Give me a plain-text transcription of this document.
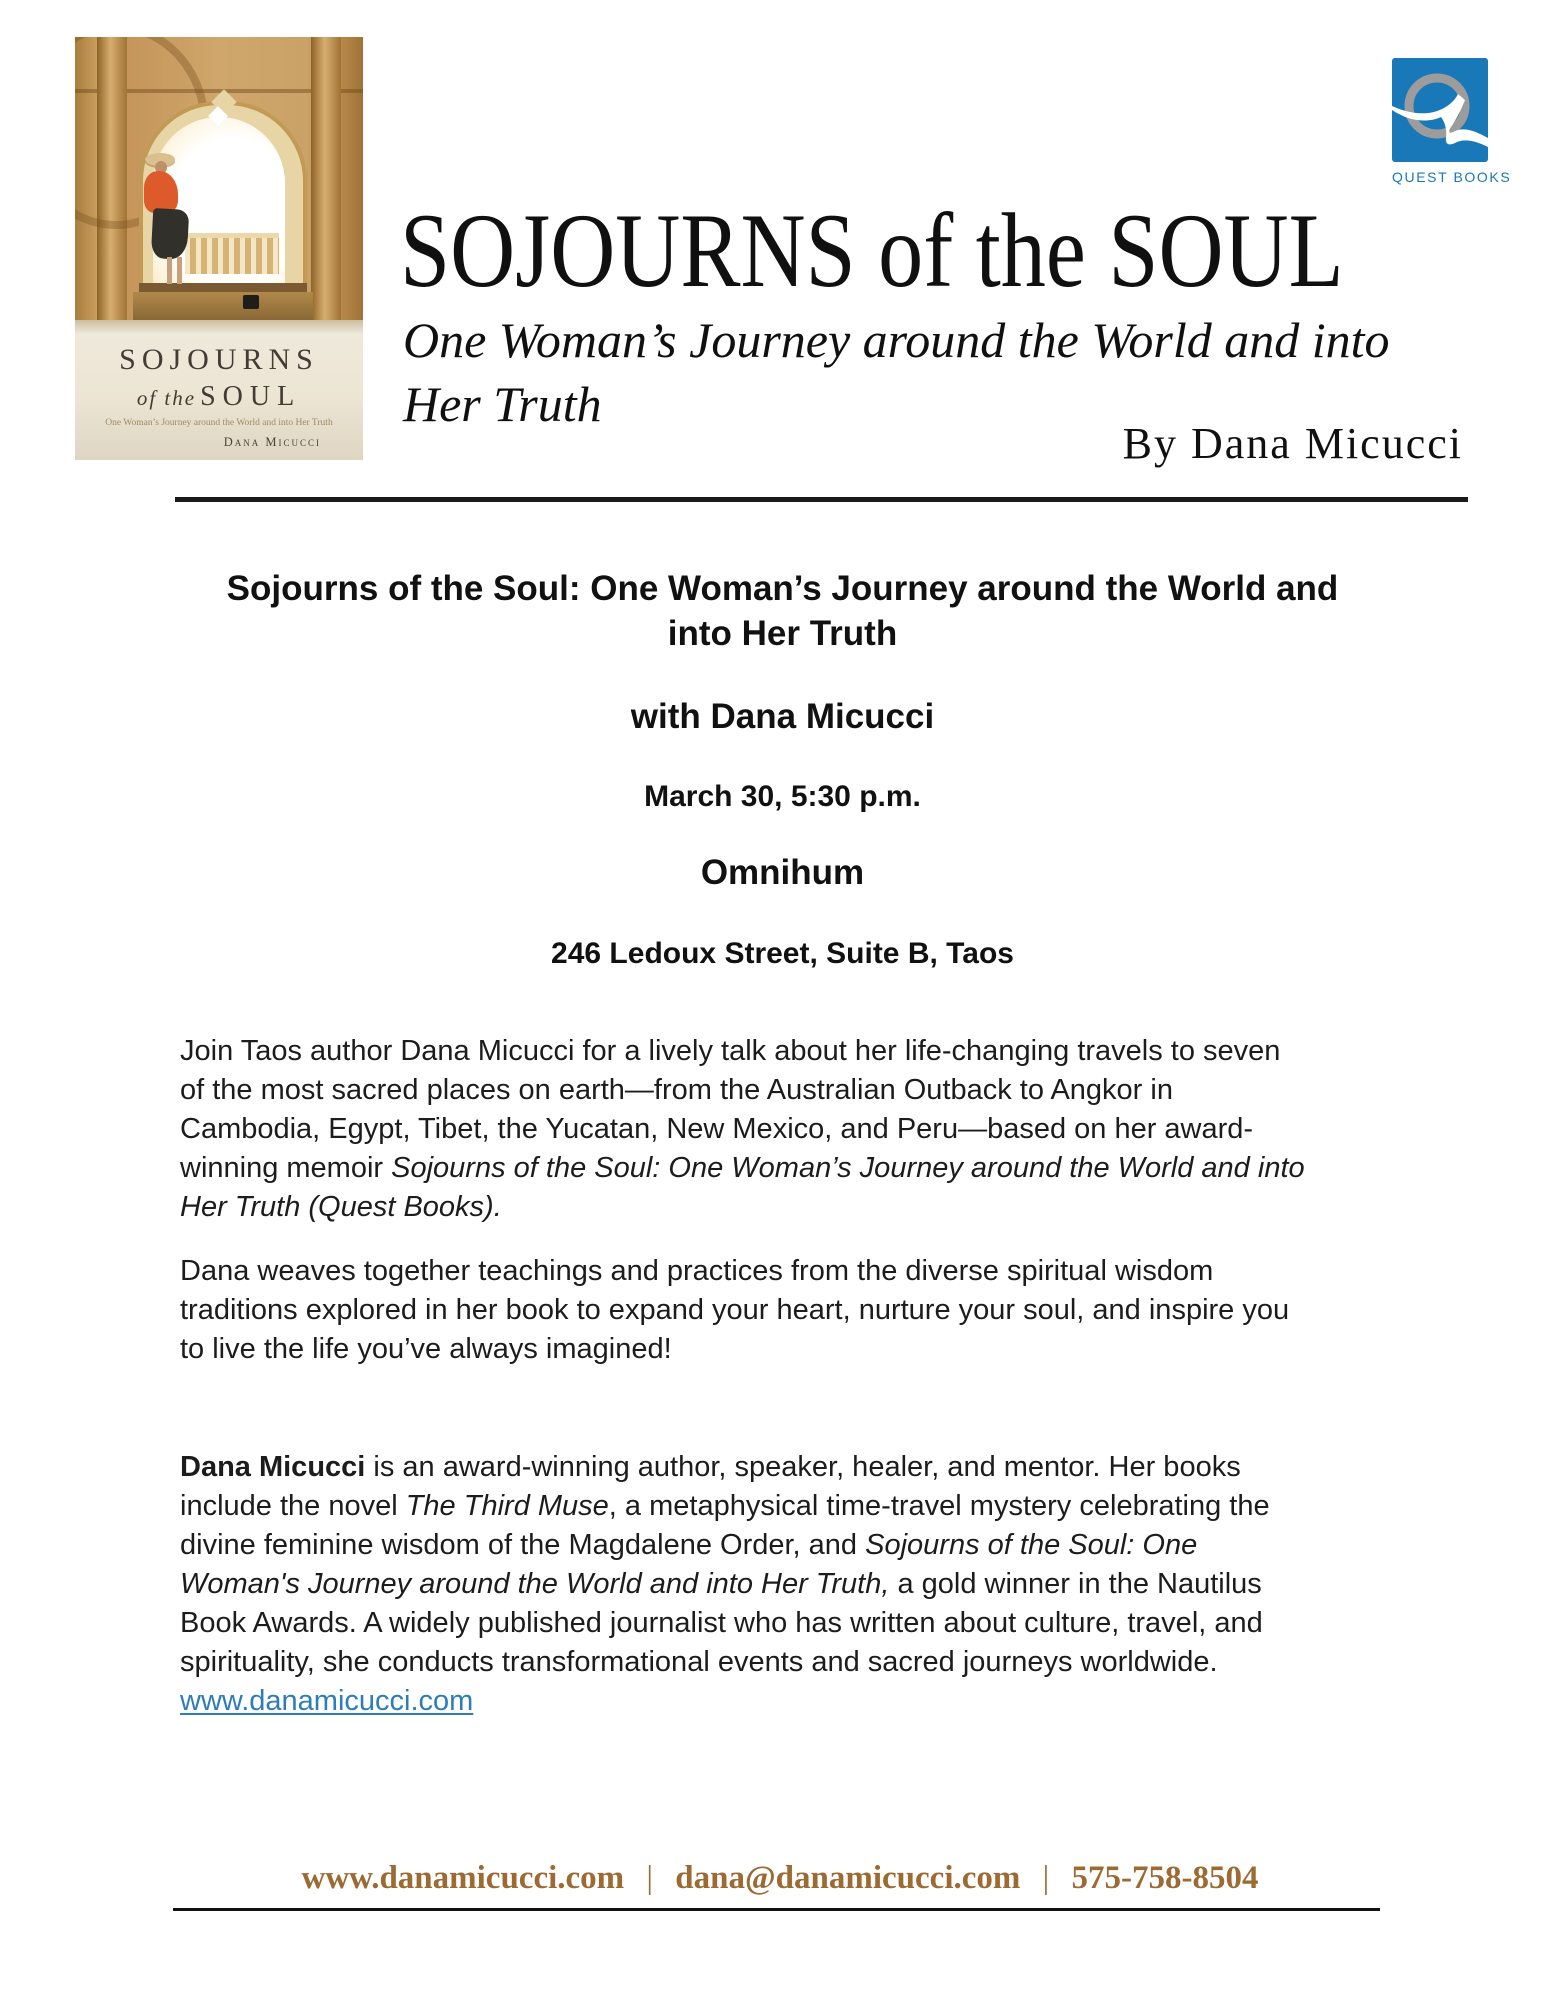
SOJOURNS
of the SOUL
One Woman’s Journey around the World and into Her Truth
Dana Micucci
QUEST BOOKS
SOJOURNS of the SOUL
One Woman’s Journey around the World and into
Her Truth
By Dana Micucci
Sojourns of the Soul: One Woman’s Journey around the World and
into Her Truth
with Dana Micucci
March 30, 5:30 p.m.
Omnihum
246 Ledoux Street, Suite B, Taos
Join Taos author Dana Micucci for a lively talk about her life-changing travels to seven
of the most sacred places on earth—from the Australian Outback to Angkor in
Cambodia, Egypt, Tibet, the Yucatan, New Mexico, and Peru—based on her award-
winning memoir Sojourns of the Soul: One Woman’s Journey around the World and into
Her Truth (Quest Books).
Dana weaves together teachings and practices from the diverse spiritual wisdom
traditions explored in her book to expand your heart, nurture your soul, and inspire you
to live the life you’ve always imagined!
Dana Micucci is an award-winning author, speaker, healer, and mentor. Her books
include the novel The Third Muse, a metaphysical time-travel mystery celebrating the
divine feminine wisdom of the Magdalene Order, and Sojourns of the Soul: One
Woman's Journey around the World and into Her Truth, a gold winner in the Nautilus
Book Awards. A widely published journalist who has written about culture, travel, and
spirituality, she conducts transformational events and sacred journeys worldwide.
www.danamicucci.com
www.danamicucci.com | dana@danamicucci.com | 575-758-8504
